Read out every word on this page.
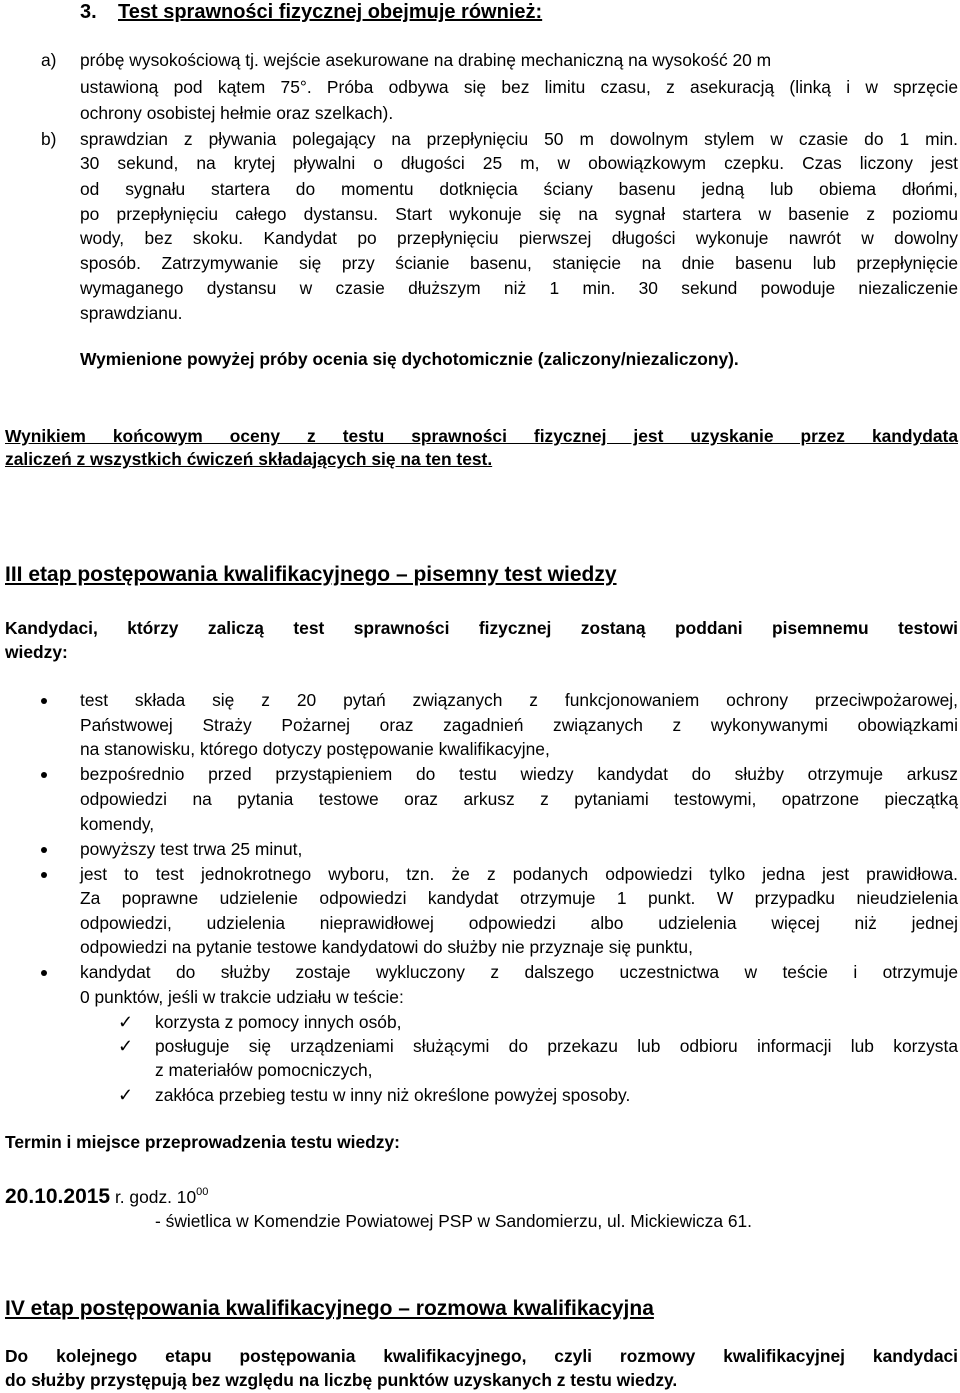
3. Test sprawności fizycznej obejmuje również:
a) próbę wysokościową tj. wejście asekurowane na drabinę mechaniczną na wysokość 20 m
ustawioną pod kątem 75°. Próba odbywa się bez limitu czasu, z asekuracją (linką i w sprzęcie
ochrony osobistej hełmie oraz szelkach).
b) sprawdzian z pływania polegający na przepłynięciu 50 m dowolnym stylem w czasie do 1 min.
30 sekund, na krytej pływalni o długości 25 m, w obowiązkowym czepku. Czas liczony jest
od sygnału startera do momentu dotknięcia ściany basenu jedną lub obiema dłońmi,
po przepłynięciu całego dystansu. Start wykonuje się na sygnał startera w basenie z poziomu
wody, bez skoku. Kandydat po przepłynięciu pierwszej długości wykonuje nawrót w dowolny
sposób. Zatrzymywanie się przy ścianie basenu, stanięcie na dnie basenu lub przepłynięcie
wymaganego dystansu w czasie dłuższym niż 1 min. 30 sekund powoduje niezaliczenie
sprawdzianu.
Wymienione powyżej próby ocenia się dychotomicznie (zaliczony/niezaliczony).
Wynikiem końcowym oceny z testu sprawności fizycznej jest uzyskanie przez kandydata
zaliczeń z wszystkich ćwiczeń składających się na ten test.
III etap postępowania kwalifikacyjnego – pisemny test wiedzy
Kandydaci, którzy zaliczą test sprawności fizycznej zostaną poddani pisemnemu testowi
wiedzy:
test składa się z 20 pytań związanych z funkcjonowaniem ochrony przeciwpożarowej,
Państwowej Straży Pożarnej oraz zagadnień związanych z wykonywanymi obowiązkami
na stanowisku, którego dotyczy postępowanie kwalifikacyjne,
bezpośrednio przed przystąpieniem do testu wiedzy kandydat do służby otrzymuje arkusz
odpowiedzi na pytania testowe oraz arkusz z pytaniami testowymi, opatrzone pieczątką
komendy,
powyższy test trwa 25 minut,
jest to test jednokrotnego wyboru, tzn. że z podanych odpowiedzi tylko jedna jest prawidłowa.
Za poprawne udzielenie odpowiedzi kandydat otrzymuje 1 punkt. W przypadku nieudzielenia
odpowiedzi, udzielenia nieprawidłowej odpowiedzi albo udzielenia więcej niż jednej
odpowiedzi na pytanie testowe kandydatowi do służby nie przyznaje się punktu,
kandydat do służby zostaje wykluczony z dalszego uczestnictwa w teście i otrzymuje
0 punktów, jeśli w trakcie udziału w teście:
✓ korzysta z pomocy innych osób,
✓ posługuje się urządzeniami służącymi do przekazu lub odbioru informacji lub korzysta
z materiałów pomocniczych,
✓ zakłóca przebieg testu w inny niż określone powyżej sposoby.
Termin i miejsce przeprowadzenia testu wiedzy:
20.10.2015 r. godz. $10^{00}$
- świetlica w Komendzie Powiatowej PSP w Sandomierzu, ul. Mickiewicza 61.
IV etap postępowania kwalifikacyjnego – rozmowa kwalifikacyjna
Do kolejnego etapu postępowania kwalifikacyjnego, czyli rozmowy kwalifikacyjnej kandydaci
do służby przystępują bez względu na liczbę punktów uzyskanych z testu wiedzy.
